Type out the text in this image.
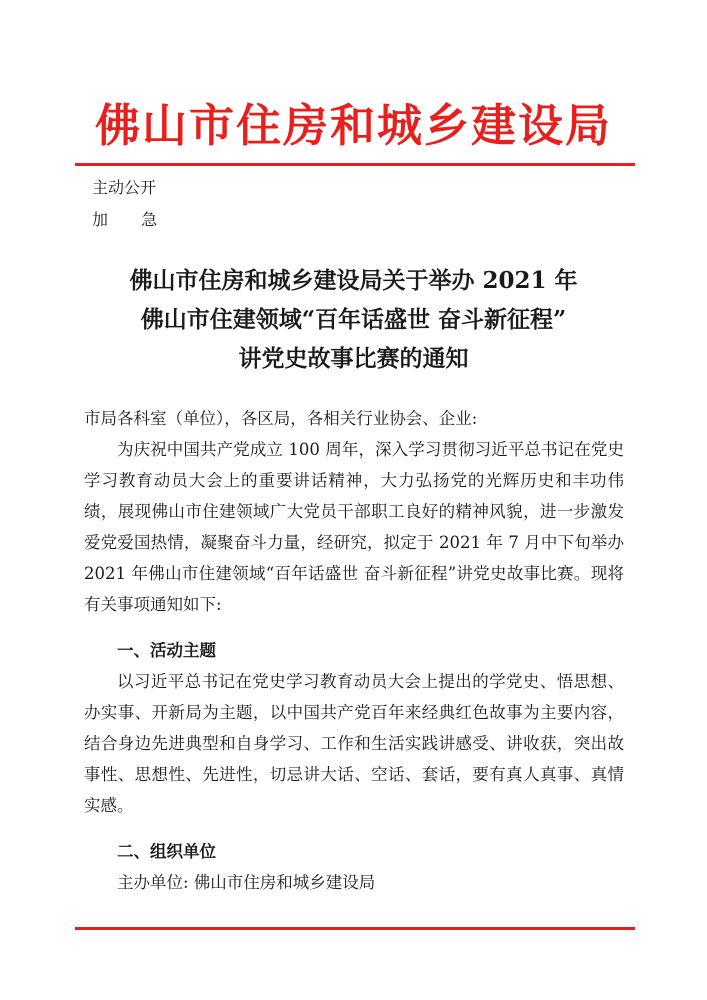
佛山市住房和城乡建设局
主动公开
加 急
佛山市住房和城乡建设局关于举办 2021 年
佛山市住建领域“百年话盛世 奋斗新征程”
讲党史故事比赛的通知
市局各科室（单位），各区局，各相关行业协会、企业:
为庆祝中国共产党成立 100 周年，深入学习贯彻习近平总书记在党史学习教育动员大会上的重要讲话精神，大力弘扬党的光辉历史和丰功伟绩，展现佛山市住建领域广大党员干部职工良好的精神风貌，进一步激发爱党爱国热情，凝聚奋斗力量，经研究，拟定于 2021 年 7 月中下旬举办 2021 年佛山市住建领域“百年话盛世 奋斗新征程”讲党史故事比赛。现将有关事项通知如下:
一、活动主题
以习近平总书记在党史学习教育动员大会上提出的学党史、悟思想、办实事、开新局为主题，以中国共产党百年来经典红色故事为主要内容，结合身边先进典型和自身学习、工作和生活实践讲感受、讲收获，突出故事性、思想性、先进性，切忌讲大话、空话、套话，要有真人真事、真情实感。
二、组织单位
主办单位: 佛山市住房和城乡建设局
